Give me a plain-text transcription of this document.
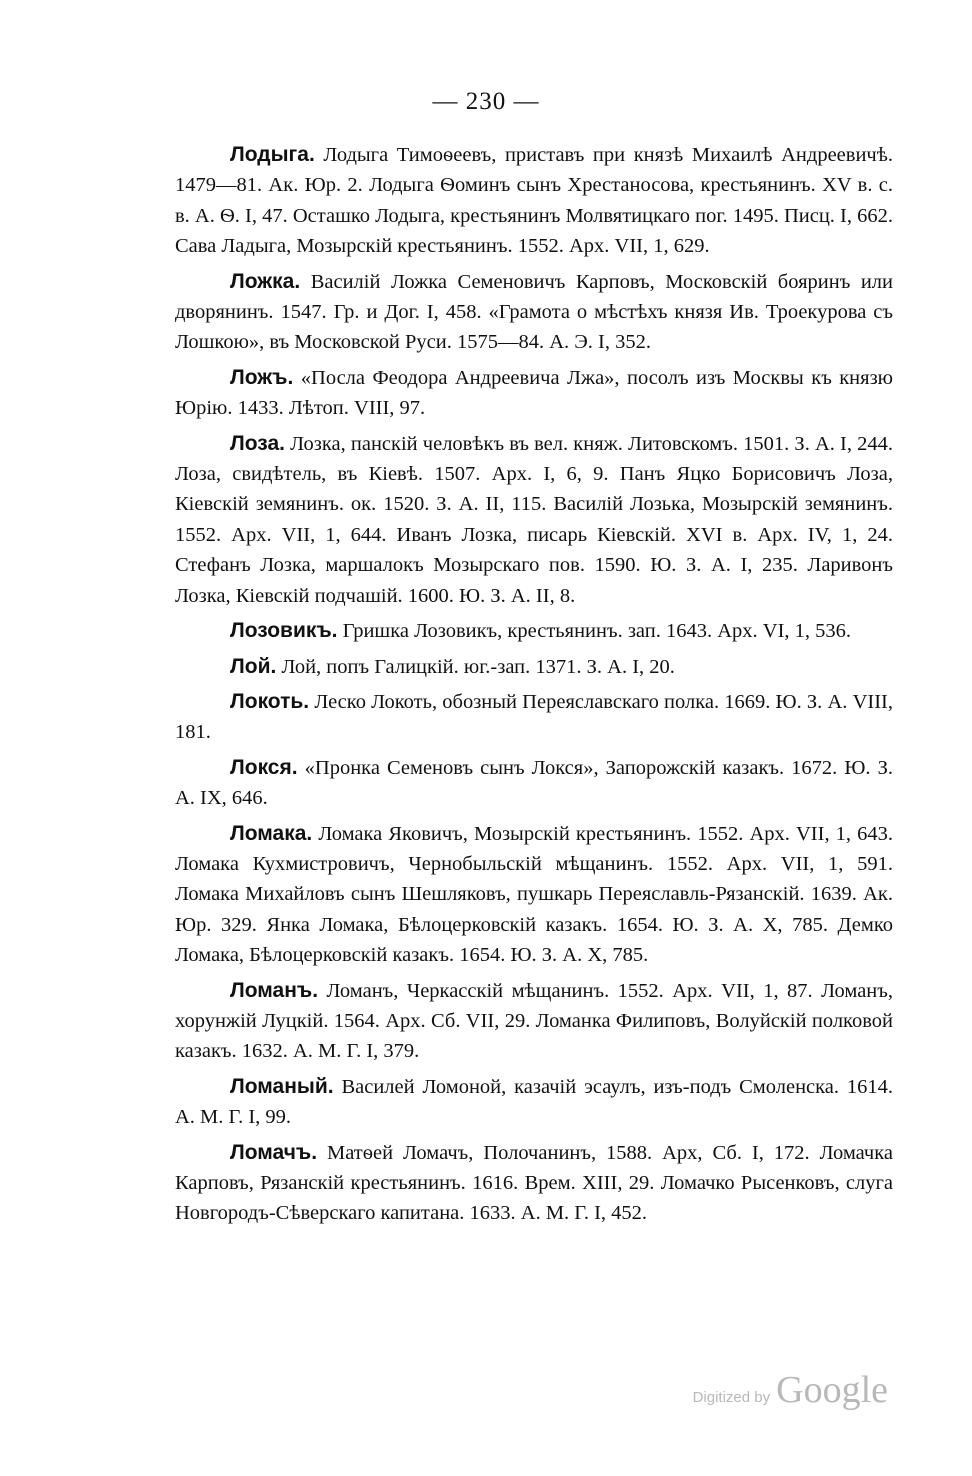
— 230 —

Лодыга. Лодыга Тимоѳеевъ, приставъ при князѣ Михаилѣ Андреевичѣ. 1479—81. Ак. Юр. 2. Лодыга Ѳоминъ сынъ Хрестаносова, крестьянинъ. XV в. с. в. А. Ѳ. I, 47. Осташко Лодыга, крестьянинъ Молвятицкаго пог. 1495. Писц. I, 662. Сава Ладыга, Мозырскій крестьянинъ. 1552. Арх. VII, 1, 629.

Ложка. Василій Ложка Семеновичъ Карповъ, Московскій бояринъ или дворянинъ. 1547. Гр. и Дог. I, 458. «Грамота о мѣстѣхъ князя Ив. Троекурова съ Лошкою», въ Московской Руси. 1575—84. А. Э. I, 352.

Ложъ. «Посла Феодора Андреевича Лжа», посолъ изъ Москвы къ князю Юрію. 1433. Лѣтоп. VIII, 97.

Лоза. Лозка, панскій человѣкъ въ вел. княж. Литовскомъ. 1501. З. А. I, 244. Лоза, свидѣтель, въ Кіевѣ. 1507. Арх. I, 6, 9. Панъ Яцко Борисовичъ Лоза, Кіевскій земянинъ. ок. 1520. З. А. II, 115. Василій Лозька, Мозырскій земянинъ. 1552. Арх. VII, 1, 644. Иванъ Лозка, писарь Кіевскій. XVI в. Арх. IV, 1, 24. Стефанъ Лозка, маршалокъ Мозырскаго пов. 1590. Ю. З. А. I, 235. Ларивонъ Лозка, Кіевскій подчашій. 1600. Ю. З. А. II, 8.

Лозовикъ. Гришка Лозовикъ, крестьянинъ. зап. 1643. Арх. VI, 1, 536.

Лой. Лой, попъ Галицкій. юг.-зап. 1371. З. А. I, 20.

Локоть. Леско Локоть, обозный Переяславскаго полка. 1669. Ю. З. А. VIII, 181.

Локся. «Пронка Семеновъ сынъ Локся», Запорожскій казакъ. 1672. Ю. З. А. IX, 646.

Ломака. Ломака Яковичъ, Мозырскій крестьянинъ. 1552. Арх. VII, 1, 643. Ломака Кухмистровичъ, Чернобыльскій мѣщанинъ. 1552. Арх. VII, 1, 591. Ломака Михайловъ сынъ Шешляковъ, пушкарь Переяславль-Рязанскій. 1639. Ак. Юр. 329. Янка Ломака, Бѣлоцерковскій казакъ. 1654. Ю. З. А. X, 785. Демко Ломака, Бѣлоцерковскій казакъ. 1654. Ю. З. А. X, 785.

Ломанъ. Ломанъ, Черкасскій мѣщанинъ. 1552. Арх. VII, 1, 87. Ломанъ, хорунжій Луцкій. 1564. Арх. Сб. VII, 29. Ломанка Филиповъ, Волуйскій полковой казакъ. 1632. А. М. Г. I, 379.

Ломаный. Василей Ломоной, казачій эсаулъ, изъ-подъ Смоленска. 1614. А. М. Г. I, 99.

Ломачъ. Матѳей Ломачъ, Полочанинъ, 1588. Арх, Сб. I, 172. Ломачка Карповъ, Рязанскій крестьянинъ. 1616. Врем. XIII, 29. Ломачко Рысенковъ, слуга Новгородъ-Сѣверскаго капитана. 1633. А. М. Г. I, 452.

Digitized by Google
